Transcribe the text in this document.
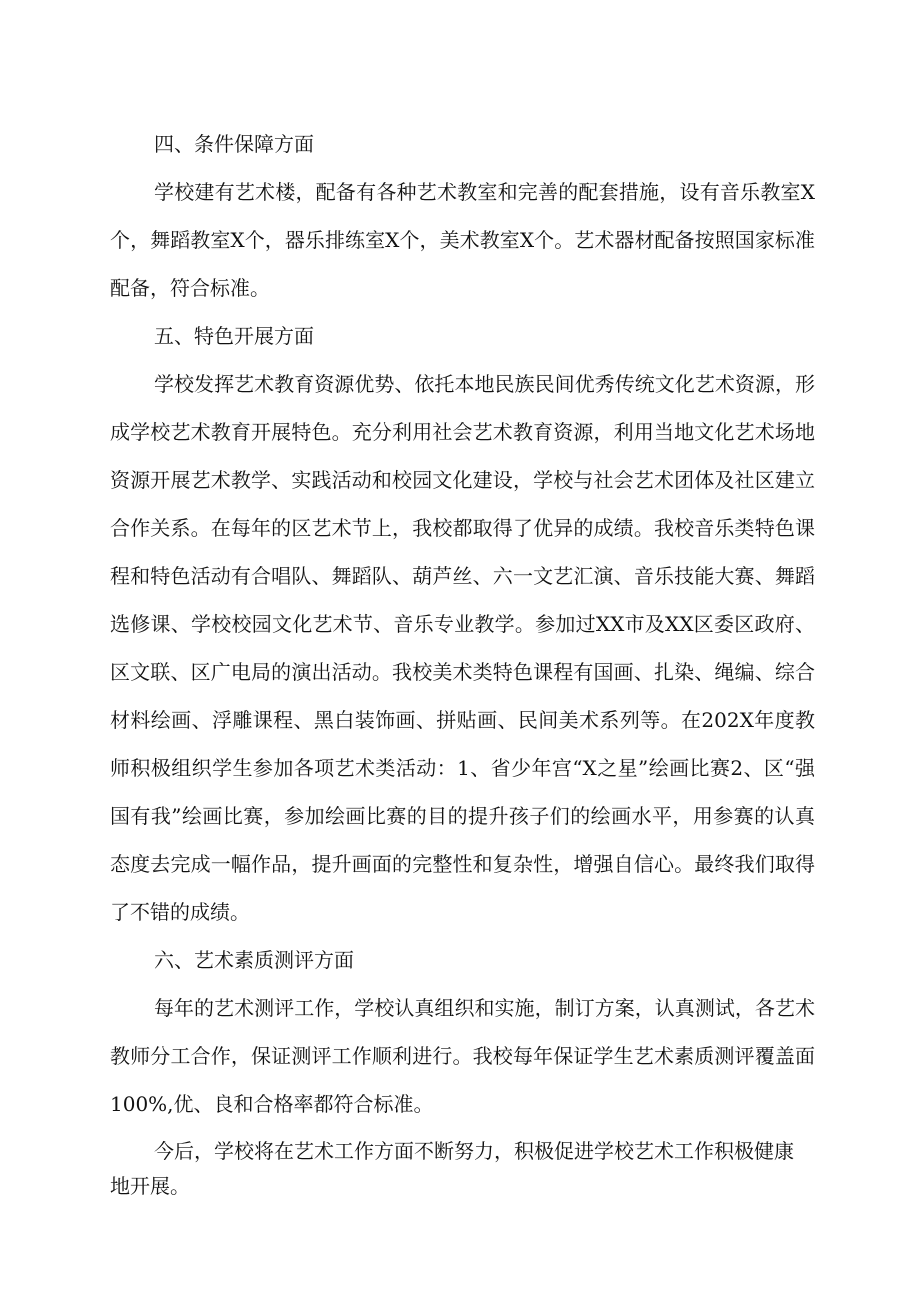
四、条件保障方面

学校建有艺术楼，配备有各种艺术教室和完善的配套措施，设有音乐教室X个，舞蹈教室X个，器乐排练室X个，美术教室X个。艺术器材配备按照国家标准配备，符合标准。

五、特色开展方面

学校发挥艺术教育资源优势、依托本地民族民间优秀传统文化艺术资源，形成学校艺术教育开展特色。充分利用社会艺术教育资源，利用当地文化艺术场地资源开展艺术教学、实践活动和校园文化建设，学校与社会艺术团体及社区建立合作关系。在每年的区艺术节上，我校都取得了优异的成绩。我校音乐类特色课程和特色活动有合唱队、舞蹈队、葫芦丝、六一文艺汇演、音乐技能大赛、舞蹈选修课、学校校园文化艺术节、音乐专业教学。参加过XX市及XX区委区政府、区文联、区广电局的演出活动。我校美术类特色课程有国画、扎染、绳编、综合材料绘画、浮雕课程、黑白装饰画、拼贴画、民间美术系列等。在202X年度教师积极组织学生参加各项艺术类活动：1、省少年宫“X之星”绘画比赛2、区“强国有我”绘画比赛，参加绘画比赛的目的提升孩子们的绘画水平，用参赛的认真态度去完成一幅作品，提升画面的完整性和复杂性，增强自信心。最终我们取得了不错的成绩。

六、艺术素质测评方面

每年的艺术测评工作，学校认真组织和实施，制订方案，认真测试，各艺术教师分工合作，保证测评工作顺利进行。我校每年保证学生艺术素质测评覆盖面100%,优、良和合格率都符合标准。

今后，学校将在艺术工作方面不断努力，积极促进学校艺术工作积极健康地开展。
